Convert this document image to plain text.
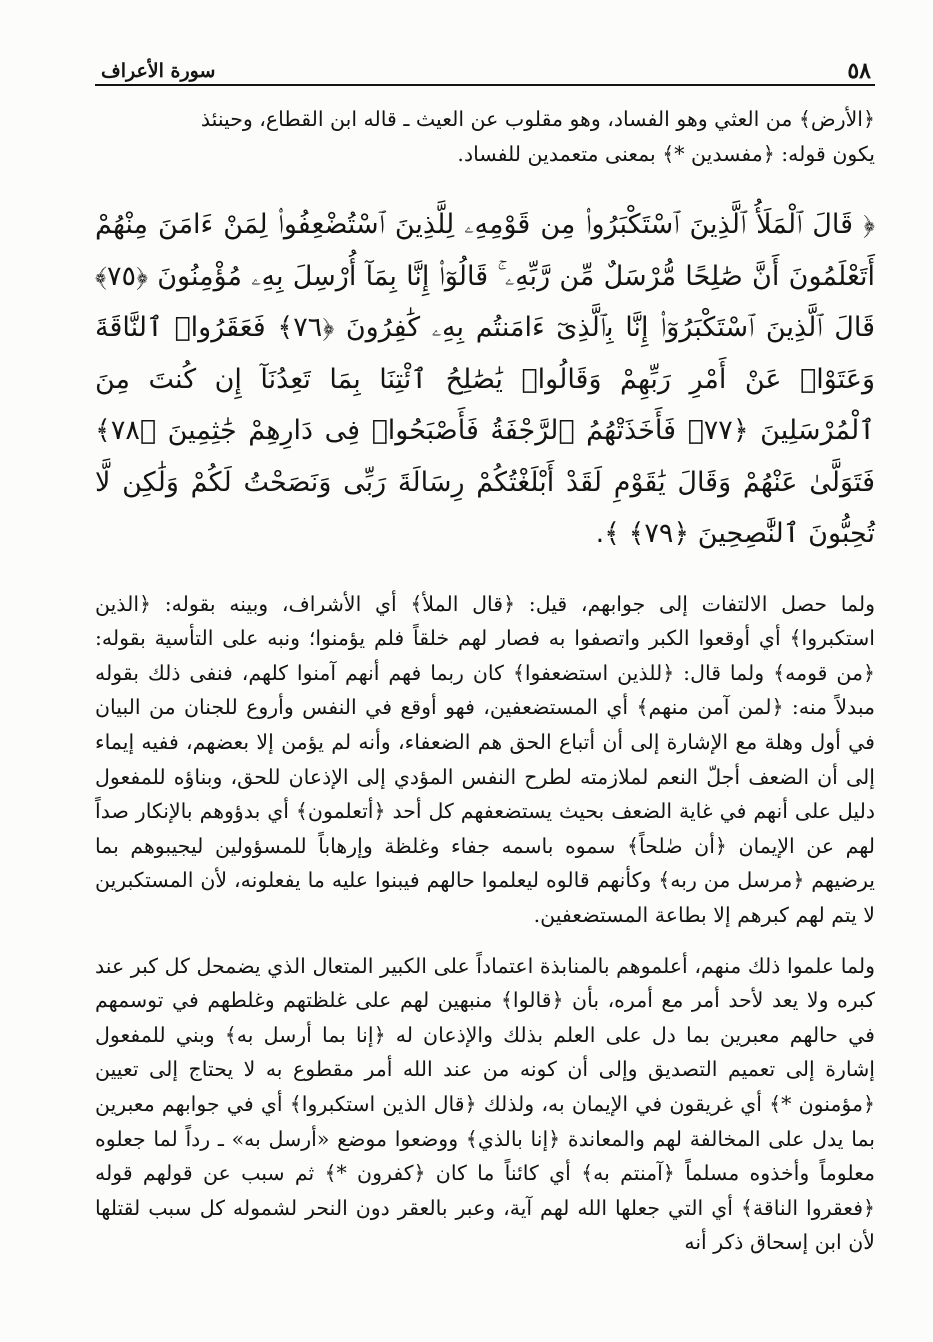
٥٨
سورة الأعراف

﴿الأرض﴾ من العثي وهو الفساد، وهو مقلوب عن العيث ـ قاله ابن القطاع، وحينئذ
يكون قوله: ﴿مفسدين *﴾ بمعنى متعمدين للفساد.

﴿ قَالَ ٱلْمَلَأُ ٱلَّذِينَ ٱسْتَكْبَرُوا۟ مِن قَوْمِهِۦ لِلَّذِينَ ٱسْتُضْعِفُوا۟ لِمَنْ ءَامَنَ مِنْهُمْ أَتَعْلَمُونَ أَنَّ صَٰلِحًا مُّرْسَلٌ مِّن رَّبِّهِۦ ۚ قَالُوٓا۟ إِنَّا بِمَآ أُرْسِلَ بِهِۦ مُؤْمِنُونَ ﴿٧٥﴾ قَالَ ٱلَّذِينَ ٱسْتَكْبَرُوٓا۟ إِنَّا بِٱلَّذِىٓ ءَامَنتُم بِهِۦ كَٰفِرُونَ ﴿٧٦﴾ فَعَقَرُوا۟ ٱلنَّاقَةَ وَعَتَوْا۟ عَنْ أَمْرِ رَبِّهِمْ وَقَالُوا۟ يَٰصَٰلِحُ ٱئْتِنَا بِمَا تَعِدُنَآ إِن كُنتَ مِنَ ٱلْمُرْسَلِينَ ﴿٧٧﴾ فَأَخَذَتْهُمُ ٱلرَّجْفَةُ فَأَصْبَحُوا۟ فِى دَارِهِمْ جَٰثِمِينَ ﴿٧٨﴾ فَتَوَلَّىٰ عَنْهُمْ وَقَالَ يَٰقَوْمِ لَقَدْ أَبْلَغْتُكُمْ رِسَالَةَ رَبِّى وَنَصَحْتُ لَكُمْ وَلَٰكِن لَّا تُحِبُّونَ ٱلنَّٰصِحِينَ ﴿٧٩﴾ ﴾.

ولما حصل الالتفات إلى جوابهم، قيل: ﴿قال الملأ﴾ أي الأشراف، وبينه بقوله: ﴿الذين استكبروا﴾ أي أوقعوا الكبر واتصفوا به فصار لهم خلقاً فلم يؤمنوا؛ ونبه على التأسية بقوله: ﴿من قومه﴾ ولما قال: ﴿للذين استضعفوا﴾ كان ربما فهم أنهم آمنوا كلهم، فنفى ذلك بقوله مبدلاً منه: ﴿لمن آمن منهم﴾ أي المستضعفين، فهو أوقع في النفس وأروع للجنان من البيان في أول وهلة مع الإشارة إلى أن أتباع الحق هم الضعفاء، وأنه لم يؤمن إلا بعضهم، ففيه إيماء إلى أن الضعف أجلّ النعم لملازمته لطرح النفس المؤدي إلى الإذعان للحق، وبناؤه للمفعول دليل على أنهم في غاية الضعف بحيث يستضعفهم كل أحد ﴿أتعلمون﴾ أي بدؤوهم بالإنكار صداً لهم عن الإيمان ﴿أن صٰلحاً﴾ سموه باسمه جفاء وغلظة وإرهاباً للمسؤولين ليجيبوهم بما يرضيهم ﴿مرسل من ربه﴾ وكأنهم قالوه ليعلموا حالهم فيبنوا عليه ما يفعلونه، لأن المستكبرين لا يتم لهم كبرهم إلا بطاعة المستضعفين.

ولما علموا ذلك منهم، أعلموهم بالمنابذة اعتماداً على الكبير المتعال الذي يضمحل كل كبر عند كبره ولا يعد لأحد أمر مع أمره، بأن ﴿قالوا﴾ منبهين لهم على غلظتهم وغلطهم في توسمهم في حالهم معبرين بما دل على العلم بذلك والإذعان له ﴿إنا بما أرسل به﴾ وبني للمفعول إشارة إلى تعميم التصديق وإلى أن كونه من عند الله أمر مقطوع به لا يحتاج إلى تعيين ﴿مؤمنون *﴾ أي غريقون في الإيمان به، ولذلك ﴿قال الذين استكبروا﴾ أي في جوابهم معبرين بما يدل على المخالفة لهم والمعاندة ﴿إنا بالذي﴾ ووضعوا موضع «أرسل به» ـ رداً لما جعلوه معلوماً وأخذوه مسلماً ﴿آمنتم به﴾ أي كائناً ما كان ﴿كفرون *﴾ ثم سبب عن قولهم قوله ﴿فعقروا الناقة﴾ أي التي جعلها الله لهم آية، وعبر بالعقر دون النحر لشموله كل سبب لقتلها لأن ابن إسحاق ذكر أنه
